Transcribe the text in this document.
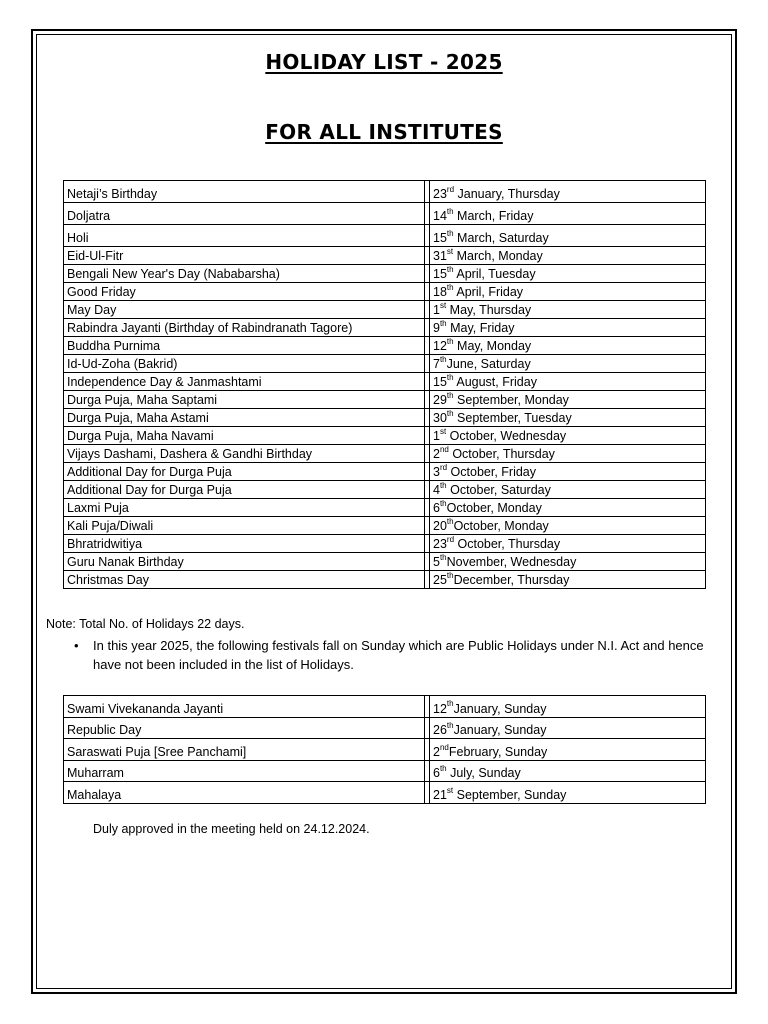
HOLIDAY LIST - 2025
FOR ALL INSTITUTES
Netaji’s Birthday		23rd January, Thursday
Doljatra		14th March, Friday
Holi		15th March, Saturday
Eid-Ul-Fitr		31st March, Monday
Bengali New Year's Day (Nababarsha)		15th April, Tuesday
Good Friday		18th April, Friday
May Day		1st May, Thursday
Rabindra Jayanti (Birthday of Rabindranath Tagore)		9th May, Friday
Buddha Purnima		12th May, Monday
Id-Ud-Zoha (Bakrid)		7thJune, Saturday
Independence Day & Janmashtami		15th August, Friday
Durga Puja, Maha Saptami		29th September, Monday
Durga Puja, Maha Astami		30th September, Tuesday
Durga Puja, Maha Navami		1st October, Wednesday
Vijays Dashami, Dashera & Gandhi Birthday		2nd October, Thursday
Additional Day for Durga Puja		3rd October, Friday
Additional Day for Durga Puja		4th October, Saturday
Laxmi Puja		6thOctober, Monday
Kali Puja/Diwali		20thOctober, Monday
Bhratridwitiya		23rd October, Thursday
Guru Nanak Birthday		5thNovember, Wednesday
Christmas Day		25thDecember, Thursday
Note: Total No. of Holidays 22 days.
• In this year 2025, the following festivals fall on Sunday which are Public Holidays under N.I. Act and hence have not been included in the list of Holidays.
Swami Vivekananda Jayanti		12thJanuary, Sunday
Republic Day		26thJanuary, Sunday
Saraswati Puja [Sree Panchami]		2ndFebruary, Sunday
Muharram		6th July, Sunday
Mahalaya		21st September, Sunday
Duly approved in the meeting held on 24.12.2024.
